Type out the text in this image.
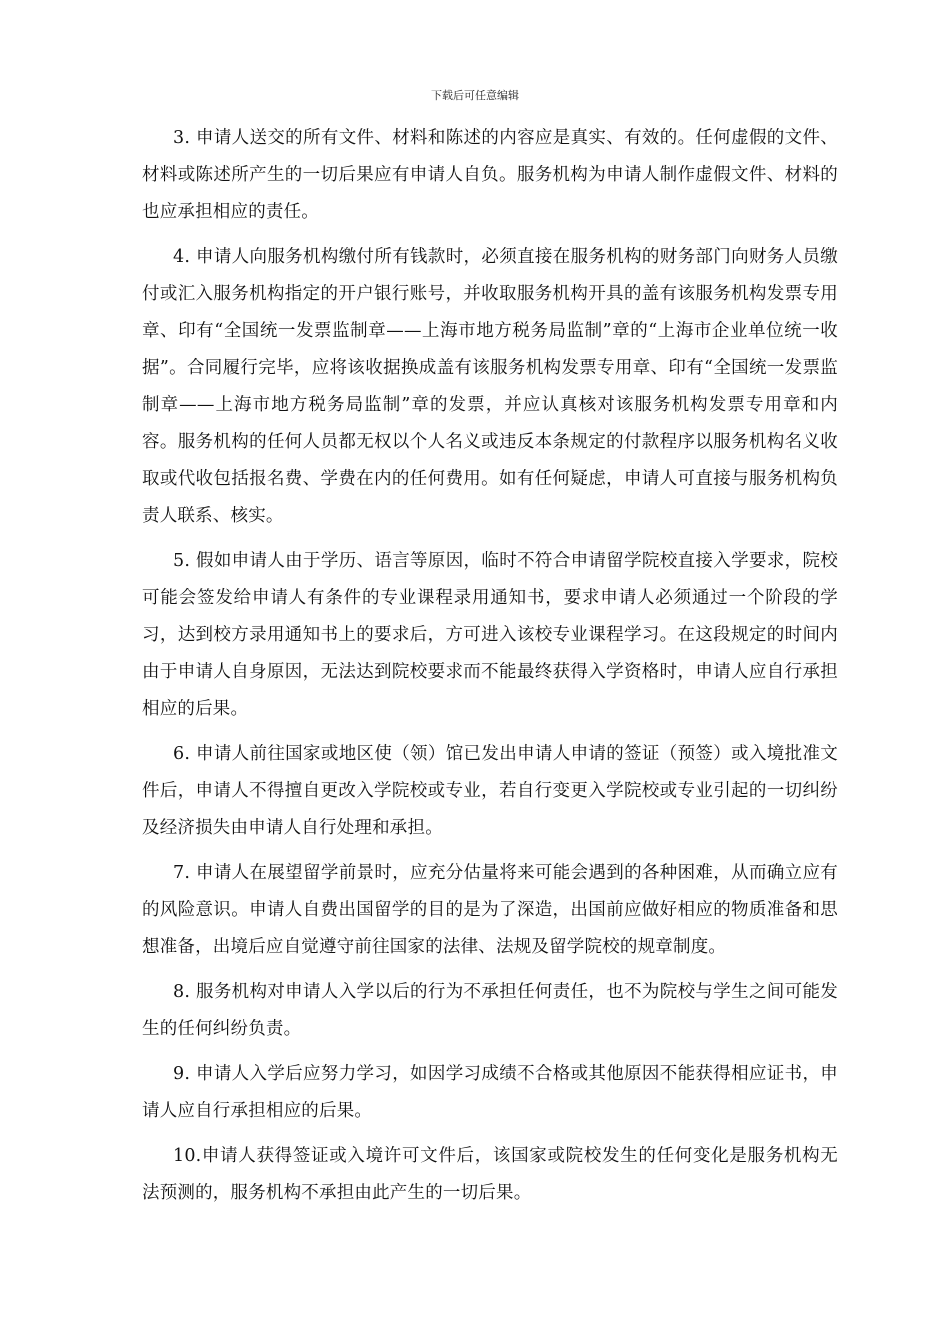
下载后可任意编辑

3. 申请人送交的所有文件、材料和陈述的内容应是真实、有效的。任何虚假的文件、材料或陈述所产生的一切后果应有申请人自负。服务机构为申请人制作虚假文件、材料的也应承担相应的责任。

4. 申请人向服务机构缴付所有钱款时，必须直接在服务机构的财务部门向财务人员缴付或汇入服务机构指定的开户银行账号，并收取服务机构开具的盖有该服务机构发票专用章、印有“全国统一发票监制章——上海市地方税务局监制”章的“上海市企业单位统一收据”。合同履行完毕，应将该收据换成盖有该服务机构发票专用章、印有“全国统一发票监制章——上海市地方税务局监制”章的发票，并应认真核对该服务机构发票专用章和内容。服务机构的任何人员都无权以个人名义或违反本条规定的付款程序以服务机构名义收取或代收包括报名费、学费在内的任何费用。如有任何疑虑，申请人可直接与服务机构负责人联系、核实。

5. 假如申请人由于学历、语言等原因，临时不符合申请留学院校直接入学要求，院校可能会签发给申请人有条件的专业课程录用通知书，要求申请人必须通过一个阶段的学习，达到校方录用通知书上的要求后，方可进入该校专业课程学习。在这段规定的时间内由于申请人自身原因，无法达到院校要求而不能最终获得入学资格时，申请人应自行承担相应的后果。

6. 申请人前往国家或地区使（领）馆已发出申请人申请的签证（预签）或入境批准文件后，申请人不得擅自更改入学院校或专业，若自行变更入学院校或专业引起的一切纠纷及经济损失由申请人自行处理和承担。

7. 申请人在展望留学前景时，应充分估量将来可能会遇到的各种困难，从而确立应有的风险意识。申请人自费出国留学的目的是为了深造，出国前应做好相应的物质准备和思想准备，出境后应自觉遵守前往国家的法律、法规及留学院校的规章制度。

8. 服务机构对申请人入学以后的行为不承担任何责任，也不为院校与学生之间可能发生的任何纠纷负责。

9. 申请人入学后应努力学习，如因学习成绩不合格或其他原因不能获得相应证书，申请人应自行承担相应的后果。

10.申请人获得签证或入境许可文件后，该国家或院校发生的任何变化是服务机构无法预测的，服务机构不承担由此产生的一切后果。
